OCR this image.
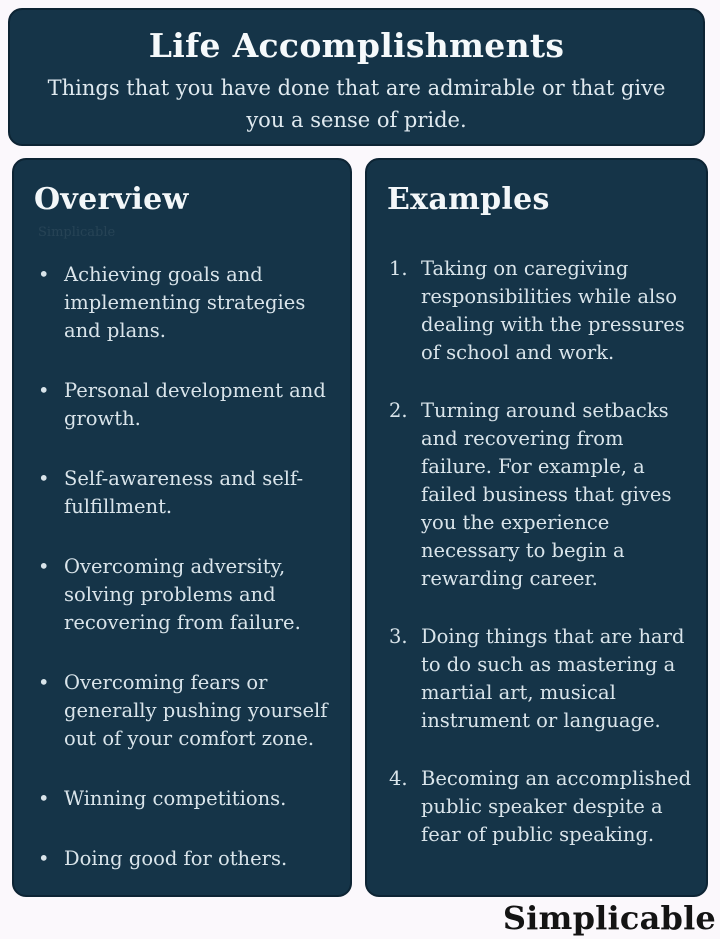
Life Accomplishments

Things that you have done that are admirable or that give you a sense of pride.

Overview
Simplicable
• Achieving goals and implementing strategies and plans.
• Personal development and growth.
• Self-awareness and self-fulfillment.
• Overcoming adversity, solving problems and recovering from failure.
• Overcoming fears or generally pushing yourself out of your comfort zone.
• Winning competitions.
• Doing good for others.
Examples
1. Taking on caregiving responsibilities while also dealing with the pressures of school and work.
2. Turning around setbacks and recovering from failure. For example, a failed business that gives you the experience necessary to begin a rewarding career.
3. Doing things that are hard to do such as mastering a martial art, musical instrument or language.
4. Becoming an accomplished public speaker despite a fear of public speaking.
Simplicable
